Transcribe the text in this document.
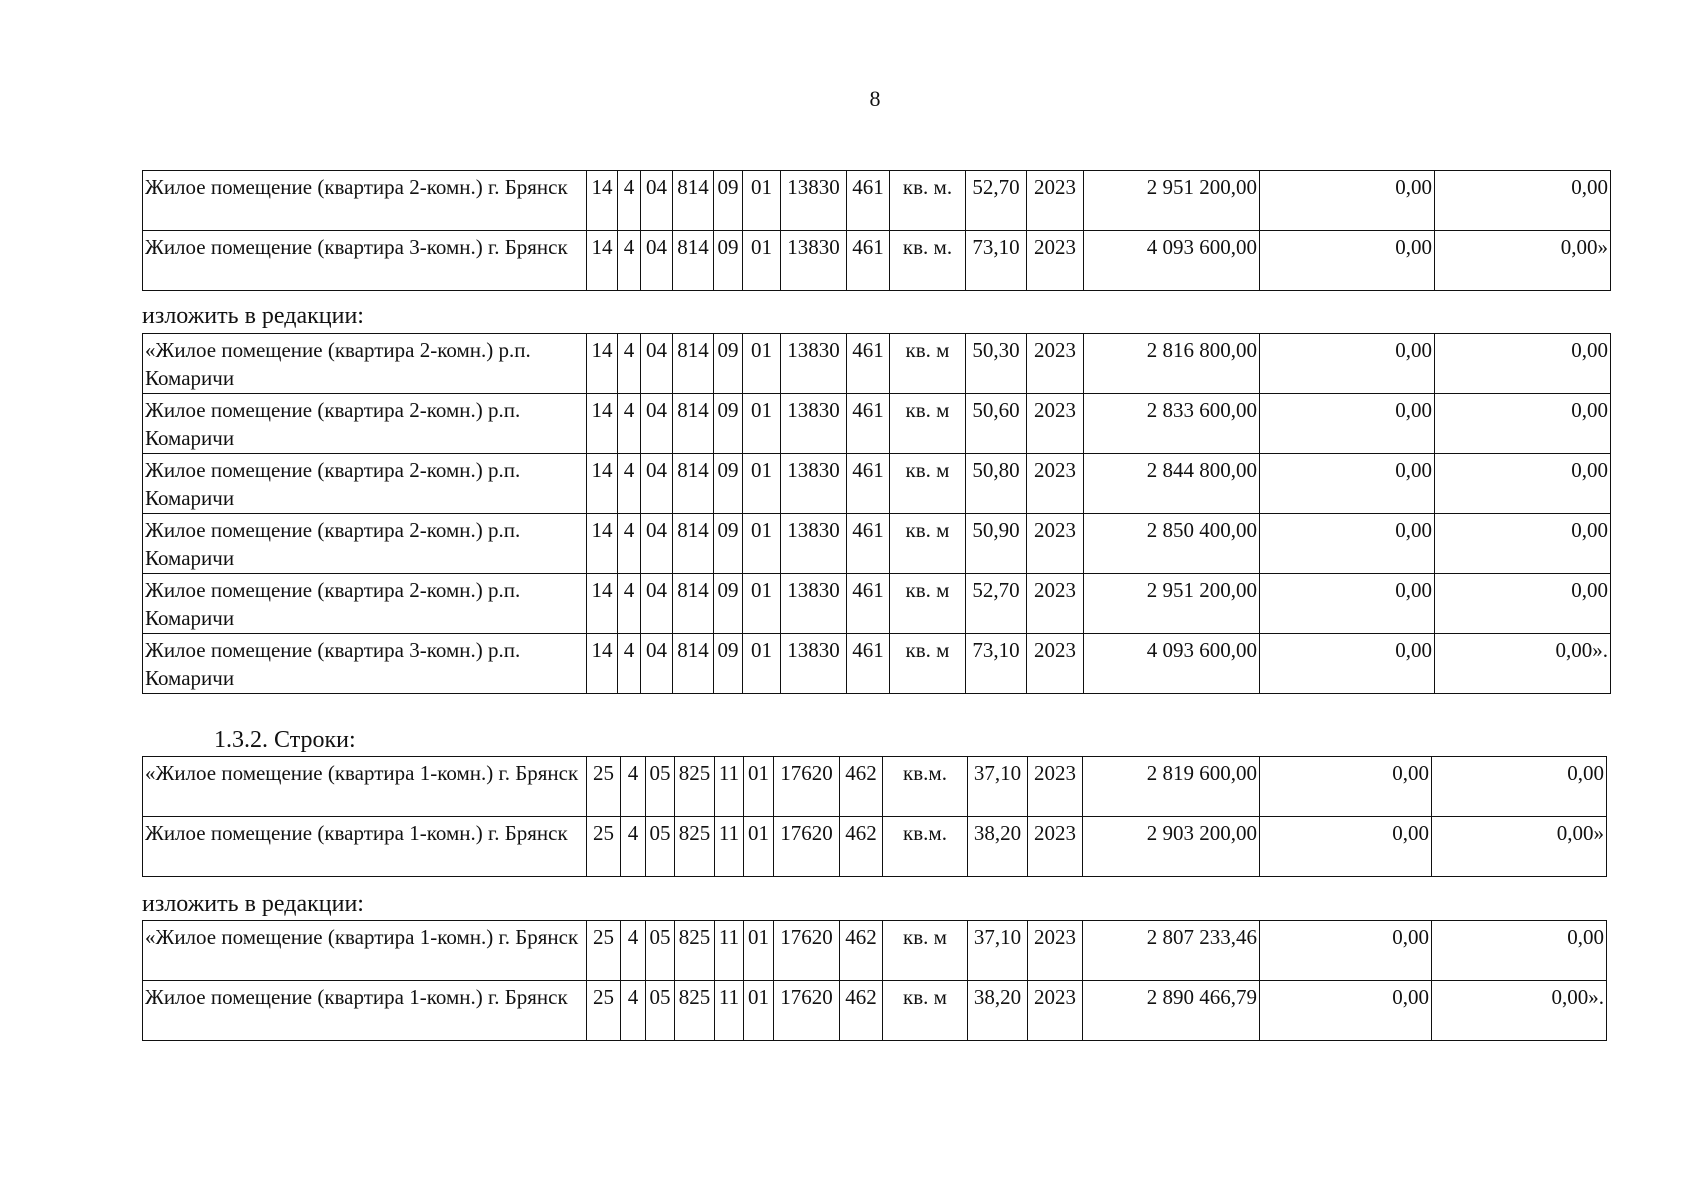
8
Жилое помещение (квартира 2-комн.) г. Брянск	14	4	04	814	09	01	13830	461	кв. м.	52,70	2023	2 951 200,00	0,00	0,00
Жилое помещение (квартира 3-комн.) г. Брянск	14	4	04	814	09	01	13830	461	кв. м.	73,10	2023	4 093 600,00	0,00	0,00»
изложить в редакции:
«Жилое помещение (квартира 2-комн.) р.п. Комаричи	14	4	04	814	09	01	13830	461	кв. м	50,30	2023	2 816 800,00	0,00	0,00
Жилое помещение (квартира 2-комн.) р.п. Комаричи	14	4	04	814	09	01	13830	461	кв. м	50,60	2023	2 833 600,00	0,00	0,00
Жилое помещение (квартира 2-комн.) р.п. Комаричи	14	4	04	814	09	01	13830	461	кв. м	50,80	2023	2 844 800,00	0,00	0,00
Жилое помещение (квартира 2-комн.) р.п. Комаричи	14	4	04	814	09	01	13830	461	кв. м	50,90	2023	2 850 400,00	0,00	0,00
Жилое помещение (квартира 2-комн.) р.п. Комаричи	14	4	04	814	09	01	13830	461	кв. м	52,70	2023	2 951 200,00	0,00	0,00
Жилое помещение (квартира 3-комн.) р.п. Комаричи	14	4	04	814	09	01	13830	461	кв. м	73,10	2023	4 093 600,00	0,00	0,00».
1.3.2. Строки:
«Жилое помещение (квартира 1-комн.) г. Брянск	25	4	05	825	11	01	17620	462	кв.м.	37,10	2023	2 819 600,00	0,00	0,00
Жилое помещение (квартира 1-комн.) г. Брянск	25	4	05	825	11	01	17620	462	кв.м.	38,20	2023	2 903 200,00	0,00	0,00»
изложить в редакции:
«Жилое помещение (квартира 1-комн.) г. Брянск	25	4	05	825	11	01	17620	462	кв. м	37,10	2023	2 807 233,46	0,00	0,00
Жилое помещение (квартира 1-комн.) г. Брянск	25	4	05	825	11	01	17620	462	кв. м	38,20	2023	2 890 466,79	0,00	0,00».
